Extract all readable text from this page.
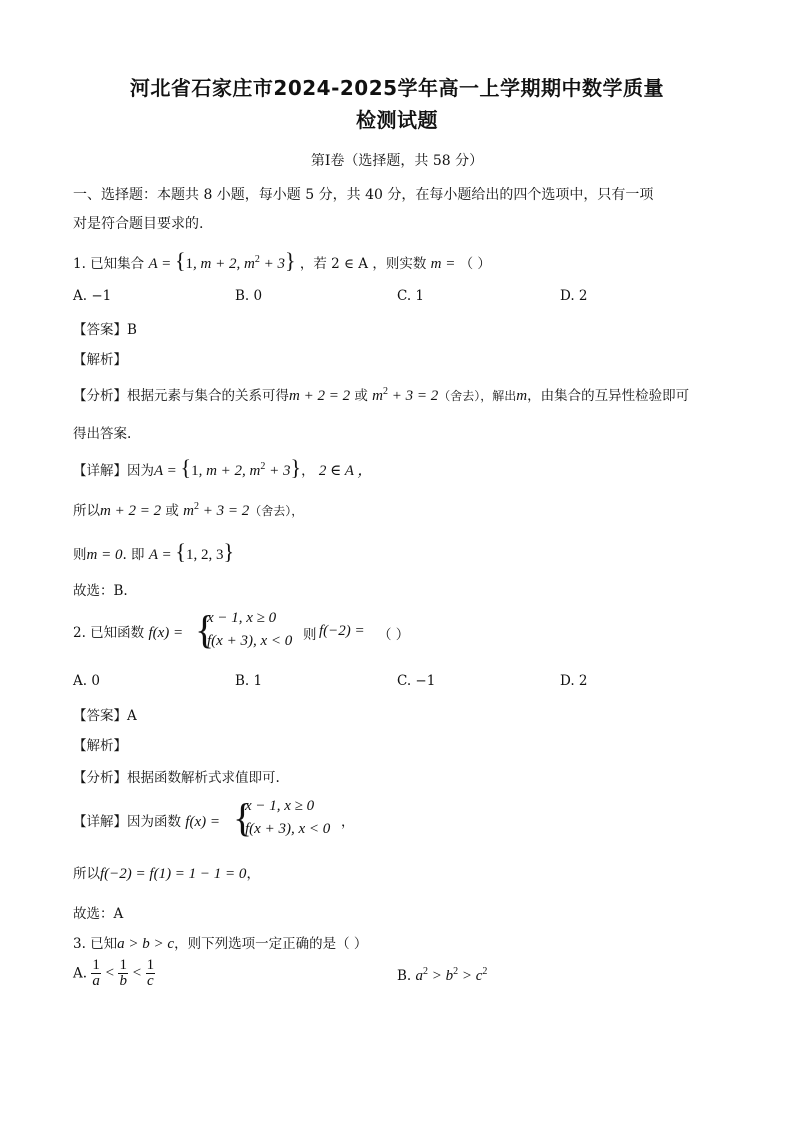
河北省石家庄市2024-2025学年高一上学期期中数学质量
检测试题
第Ⅰ卷（选择题，共 58 分）
一、选择题：本题共 8 小题，每小题 5 分，共 40 分，在每小题给出的四个选项中，只有一项
对是符合题目要求的.
1. 已知集合 A = {1, m + 2, $m^2 + 3$} ，若 2 ∈ A ，则实数 m = （ ）
A. −1	B. 0	C. 1	D. 2
【答案】B
【解析】
【分析】根据元素与集合的关系可得m + 2 = 2 或 $m^2 + 3 = 2$（舍去），解出m，由集合的互异性检验即可
得出答案.
【详解】因为A = {1, m + 2, $m^2 + 3$}， 2 ∈ A ，
所以m + 2 = 2 或 $m^2 + 3 = 2$（舍去），
则m = 0. 即 A = {1, 2, 3}
故选：B.
2. 已知函数 f(x) = {
x − 1, x ≥ 0
f(x + 3), x < 0 则 f(−2) = （ ）
A. 0	B. 1	C. −1	D. 2
【答案】A
【解析】
【分析】根据函数解析式求值即可.
【详解】因为函数 f(x) = {
x − 1, x ≥ 0
f(x + 3), x < 0 ，
所以f(−2) = f(1) = 1 − 1 = 0，
故选：A
3. 已知a > b > c，则下列选项一定正确的是（ ）
A. $\frac{1}{a} < \frac{1}{b} < \frac{1}{c}$	B. $a^2 > b^2 > c^2$
